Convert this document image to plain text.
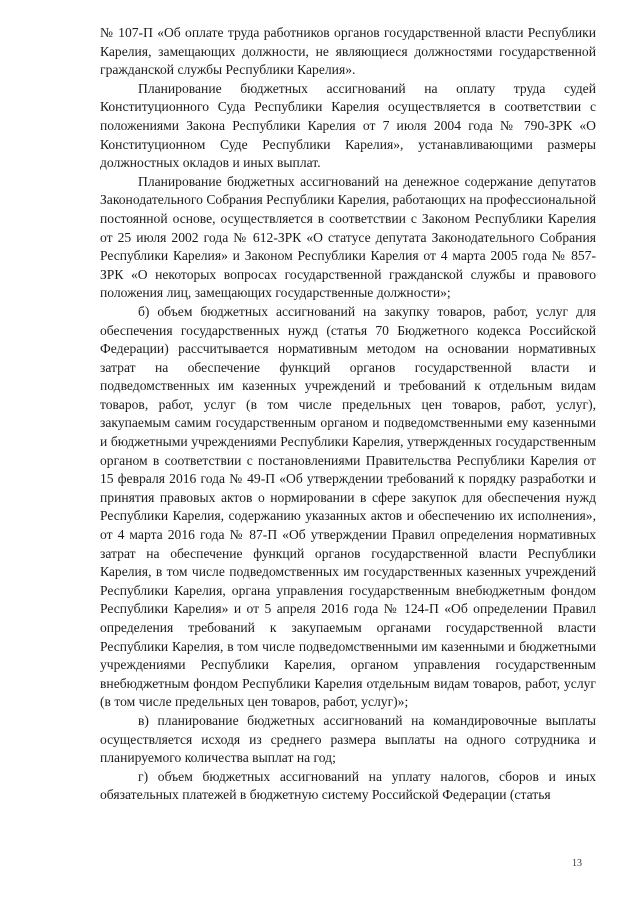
№ 107-П «Об оплате труда работников органов государственной власти Республики Карелия, замещающих должности, не являющиеся должностями государственной гражданской службы Республики Карелия».

Планирование бюджетных ассигнований на оплату труда судей Конституционного Суда Республики Карелия осуществляется в соответствии с положениями Закона Республики Карелия от 7 июля 2004 года № 790-ЗРК «О Конституционном Суде Республики Карелия», устанавливающими размеры должностных окладов и иных выплат.

Планирование бюджетных ассигнований на денежное содержание депутатов Законодательного Собрания Республики Карелия, работающих на профессиональной постоянной основе, осуществляется в соответствии с Законом Республики Карелия от 25 июля 2002 года № 612-ЗРК «О статусе депутата Законодательного Собрания Республики Карелия» и Законом Республики Карелия от 4 марта 2005 года № 857-ЗРК «О некоторых вопросах государственной гражданской службы и правового положения лиц, замещающих государственные должности»;

б) объем бюджетных ассигнований на закупку товаров, работ, услуг для обеспечения государственных нужд (статья 70 Бюджетного кодекса Российской Федерации) рассчитывается нормативным методом на основании нормативных затрат на обеспечение функций органов государственной власти и подведомственных им казенных учреждений и требований к отдельным видам товаров, работ, услуг (в том числе предельных цен товаров, работ, услуг), закупаемым самим государственным органом и подведомственными ему казенными и бюджетными учреждениями Республики Карелия, утвержденных государственным органом в соответствии с постановлениями Правительства Республики Карелия от 15 февраля 2016 года № 49-П «Об утверждении требований к порядку разработки и принятия правовых актов о нормировании в сфере закупок для обеспечения нужд Республики Карелия, содержанию указанных актов и обеспечению их исполнения», от 4 марта 2016 года № 87-П «Об утверждении Правил определения нормативных затрат на обеспечение функций органов государственной власти Республики Карелия, в том числе подведомственных им государственных казенных учреждений Республики Карелия, органа управления государственным внебюджетным фондом Республики Карелия» и от 5 апреля 2016 года № 124-П «Об определении Правил определения требований к закупаемым органами государственной власти Республики Карелия, в том числе подведомственными им казенными и бюджетными учреждениями Республики Карелия, органом управления государственным внебюджетным фондом Республики Карелия отдельным видам товаров, работ, услуг (в том числе предельных цен товаров, работ, услуг)»;

в) планирование бюджетных ассигнований на командировочные выплаты осуществляется исходя из среднего размера выплаты на одного сотрудника и планируемого количества выплат на год;

г) объем бюджетных ассигнований на уплату налогов, сборов и иных обязательных платежей в бюджетную систему Российской Федерации (статья

13
